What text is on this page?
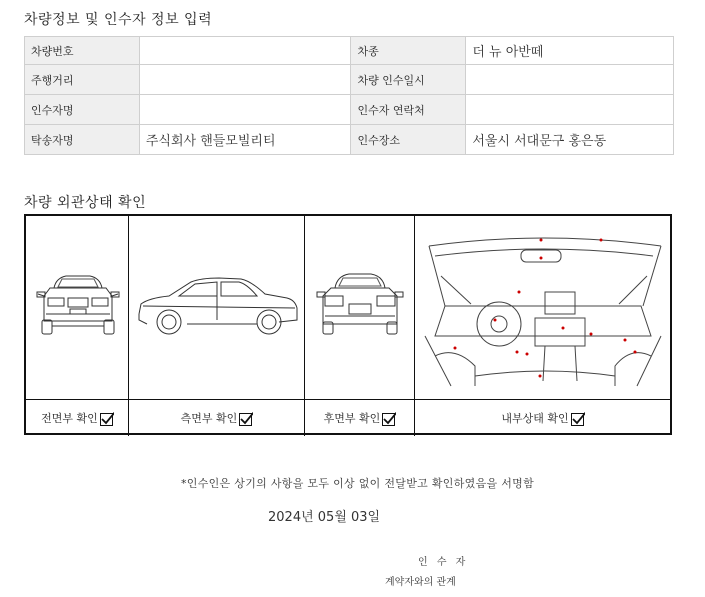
차량정보 및 인수자 정보 입력
차량번호		차종	더 뉴 아반떼
주행거리		차량 인수일시	
인수자명		인수자 연락처	
탁송자명	주식회사 핸들모빌리티	인수장소	서울시 서대문구 홍은동
차량 외관상태 확인
전면부 확인	측면부 확인	후면부 확인	내부상태 확인
*인수인은 상기의 사항을 모두 이상 없이 전달받고 확인하였음을 서명함
2024년 05월 03일
인 수 자
계약자와의 관계
